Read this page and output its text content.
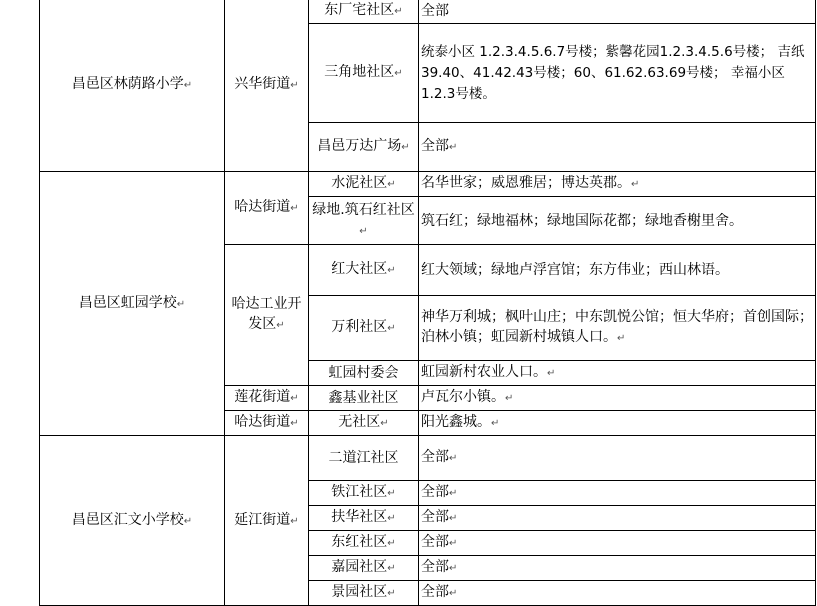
昌邑区林荫路小学↵	兴华街道↵	东厂宅社区↵	全部
		三角地社区↵	统泰小区 1.2.3.4.5.6.7号楼；紫馨花园1.2.3.4.5.6号楼； 吉纸39.40、41.42.43号楼；60、61.62.63.69号楼； 幸福小区1.2.3号楼。
		昌邑万达广场↵	全部↵
昌邑区虹园学校↵	哈达街道↵	水泥社区↵	名华世家；威恩雅居；博达英郡。↵
		绿地.筑石红社区↵	筑石红；绿地福林；绿地国际花都；绿地香榭里舍。
	哈达工业开发区↵	红大社区↵	红大领域；绿地卢浮宫馆；东方伟业；西山林语。
		万利社区↵	神华万利城；枫叶山庄；中东凯悦公馆；恒大华府；首创国际；泊林小镇；虹园新村城镇人口。↵
		虹园村委会	虹园新村农业人口。↵
	莲花街道↵	鑫基业社区	卢瓦尔小镇。↵
	哈达街道↵	无社区↵	阳光鑫城。↵
昌邑区汇文小学校↵	延江街道↵	二道江社区	全部↵
		铁江社区↵	全部↵
		扶华社区↵	全部↵
		东红社区↵	全部↵
		嘉园社区↵	全部↵
		景园社区↵	全部↵
